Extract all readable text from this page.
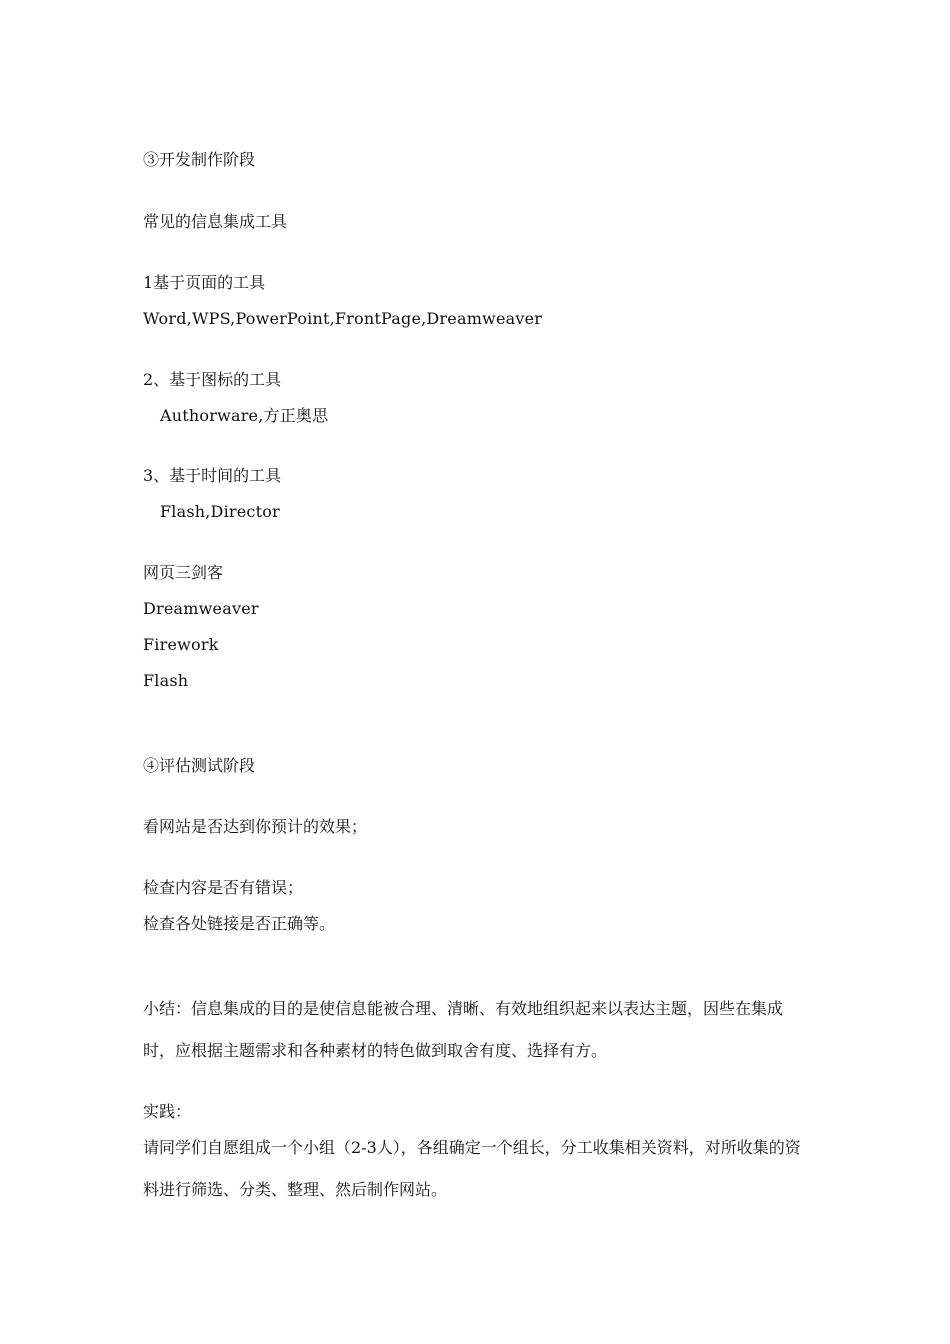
③开发制作阶段
常见的信息集成工具
1基于页面的工具
Word,WPS,PowerPoint,FrontPage,Dreamweaver
2、基于图标的工具
Authorware,方正奥思
3、基于时间的工具
Flash,Director
网页三剑客
Dreamweaver
Firework
Flash
④评估测试阶段
看网站是否达到你预计的效果；
检查内容是否有错误；
检查各处链接是否正确等。
小结：信息集成的目的是使信息能被合理、清晰、有效地组织起来以表达主题，因些在集成时，应根据主题需求和各种素材的特色做到取舍有度、选择有方。
实践：
请同学们自愿组成一个小组（2-3人），各组确定一个组长，分工收集相关资料，对所收集的资料进行筛选、分类、整理、然后制作网站。
